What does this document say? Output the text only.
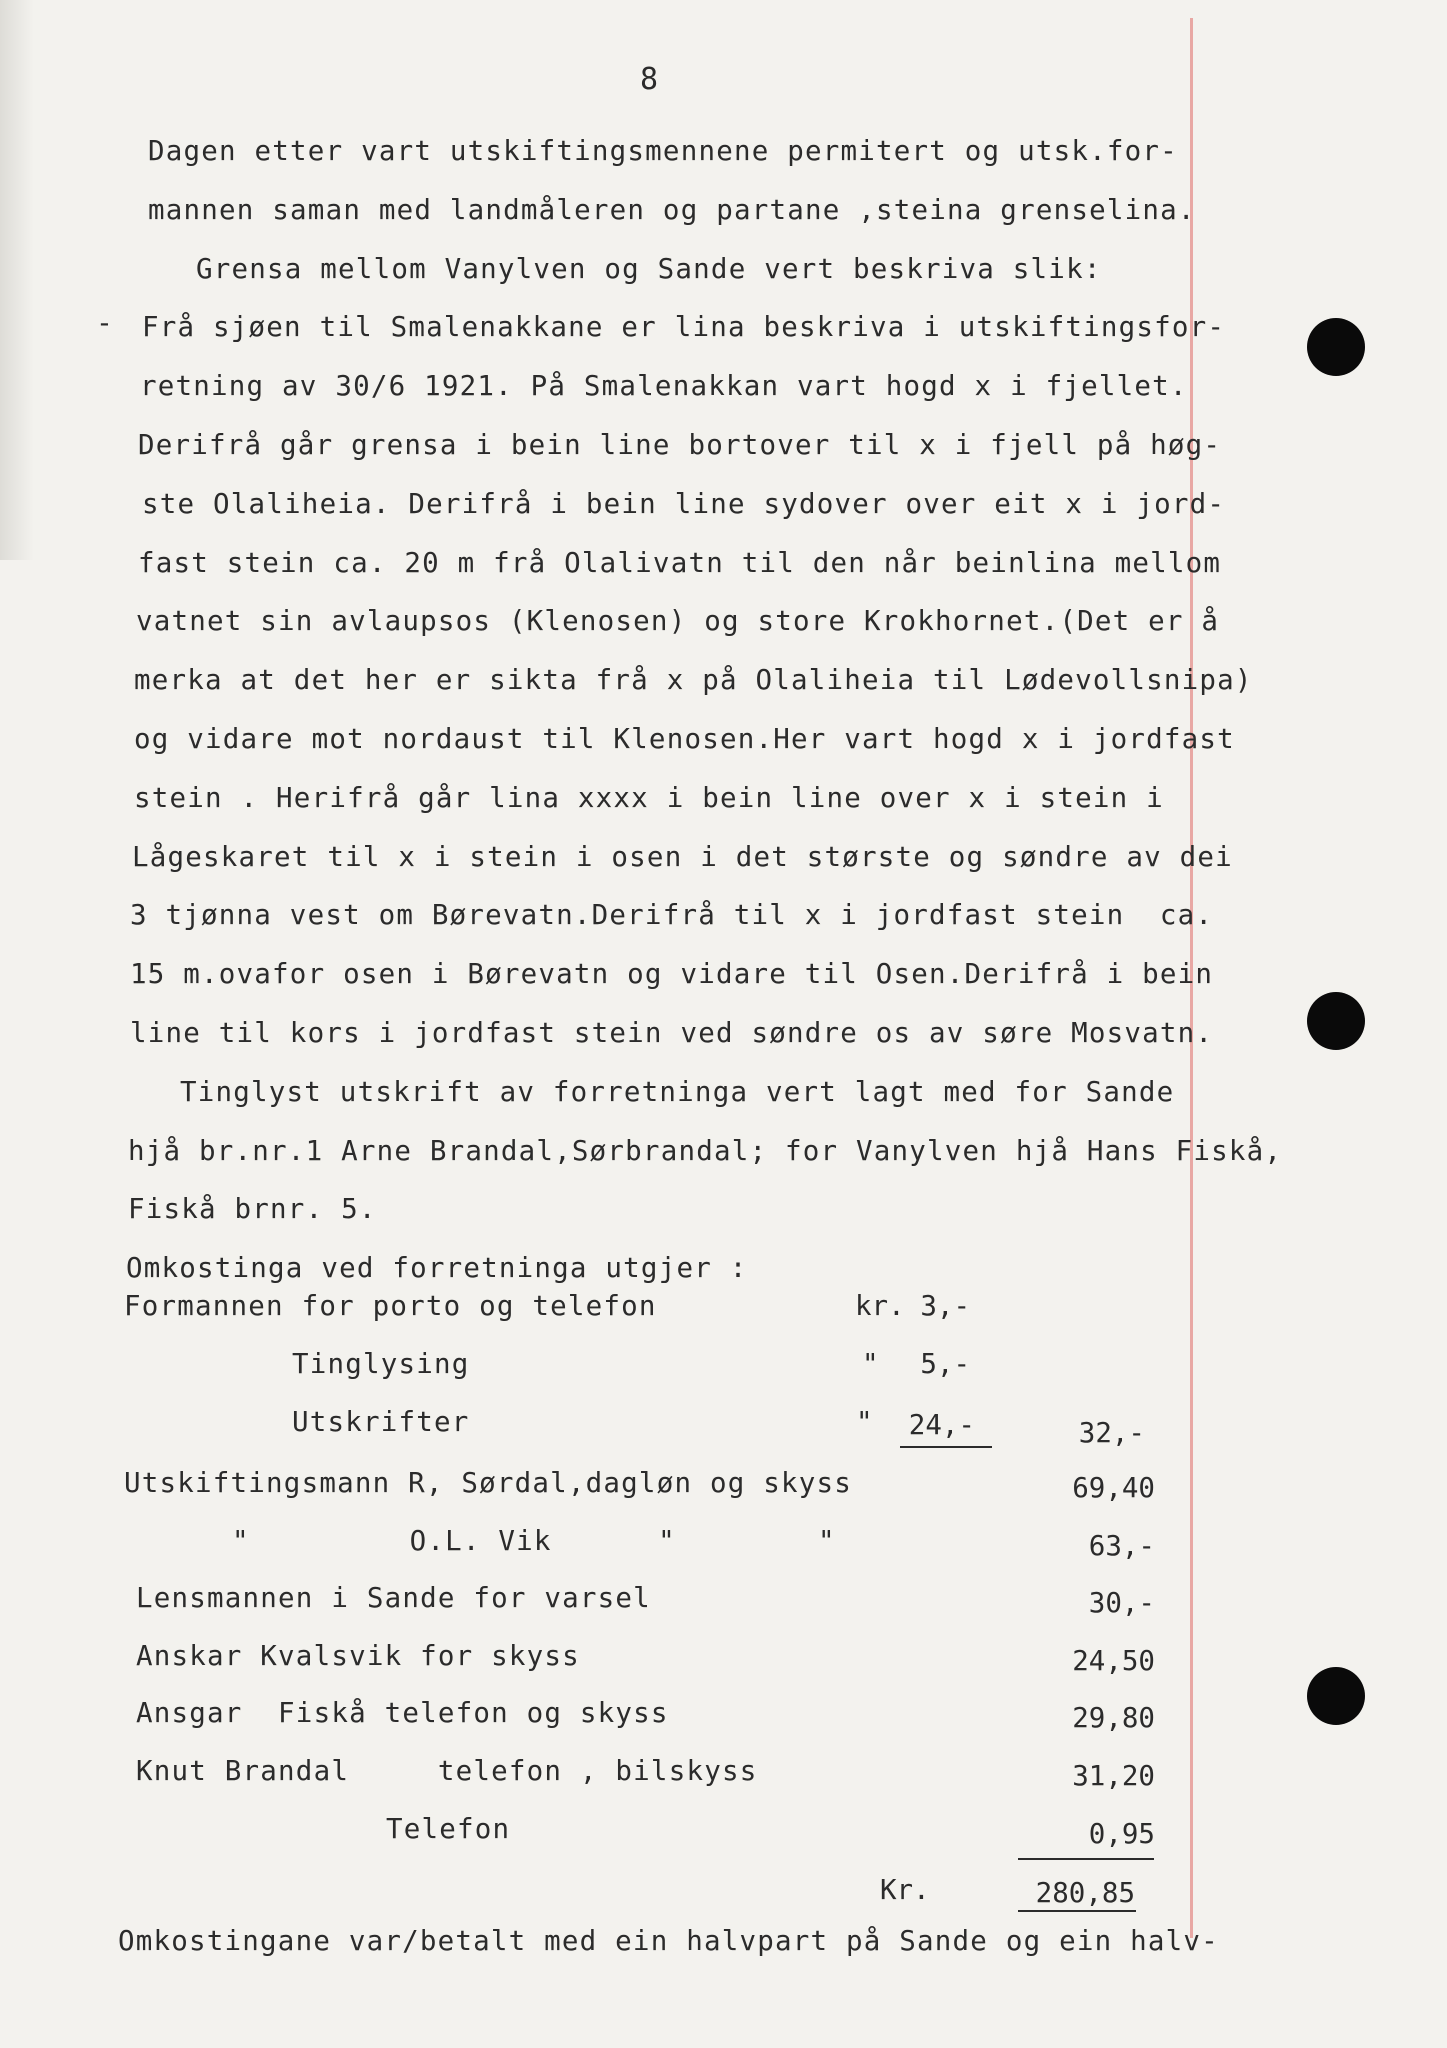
8
-
Dagen etter vart utskiftingsmennene permitert og utsk.for-
mannen saman med landmåleren og partane ,steina grenselina.
Grensa mellom Vanylven og Sande vert beskriva slik:
Frå sjøen til Smalenakkane er lina beskriva i utskiftingsfor-
retning av 30/6 1921. På Smalenakkan vart hogd x i fjellet.
Derifrå går grensa i bein line bortover til x i fjell på høg-
ste Olaliheia. Derifrå i bein line sydover over eit x i jord-
fast stein ca. 20 m frå Olalivatn til den når beinlina mellom
vatnet sin avlaupsos (Klenosen) og store Krokhornet.(Det er å
merka at det her er sikta frå x på Olaliheia til Lødevollsnipa)
og vidare mot nordaust til Klenosen.Her vart hogd x i jordfast
stein . Herifrå går lina xxxx i bein line over x i stein i
Lågeskaret til x i stein i osen i det største og søndre av dei
3 tjønna vest om Børevatn.Derifrå til x i jordfast stein  ca.
15 m.ovafor osen i Børevatn og vidare til Osen.Derifrå i bein
line til kors i jordfast stein ved søndre os av søre Mosvatn.
Tinglyst utskrift av forretninga vert lagt med for Sande
hjå br.nr.1 Arne Brandal,Sørbrandal; for Vanylven hjå Hans Fiskå,
Fiskå brnr. 5.
Omkostinga ved forretninga utgjer :
Formannen for porto og telefon	kr. 3,-
Tinglysing	"	5,-
Utskrifter	"	24,-	32,-
Utskiftingsmann R, Sørdal,dagløn og skyss	69,40
"         O.L. Vik      "        "	63,-
Lensmannen i Sande for varsel	30,-
Anskar Kvalsvik for skyss	24,50
Ansgar  Fiskå telefon og skyss	29,80
Knut Brandal     telefon , bilskyss	31,20
Telefon	0,95
Kr.	280,85
Omkostingane var/betalt med ein halvpart på Sande og ein halv-
